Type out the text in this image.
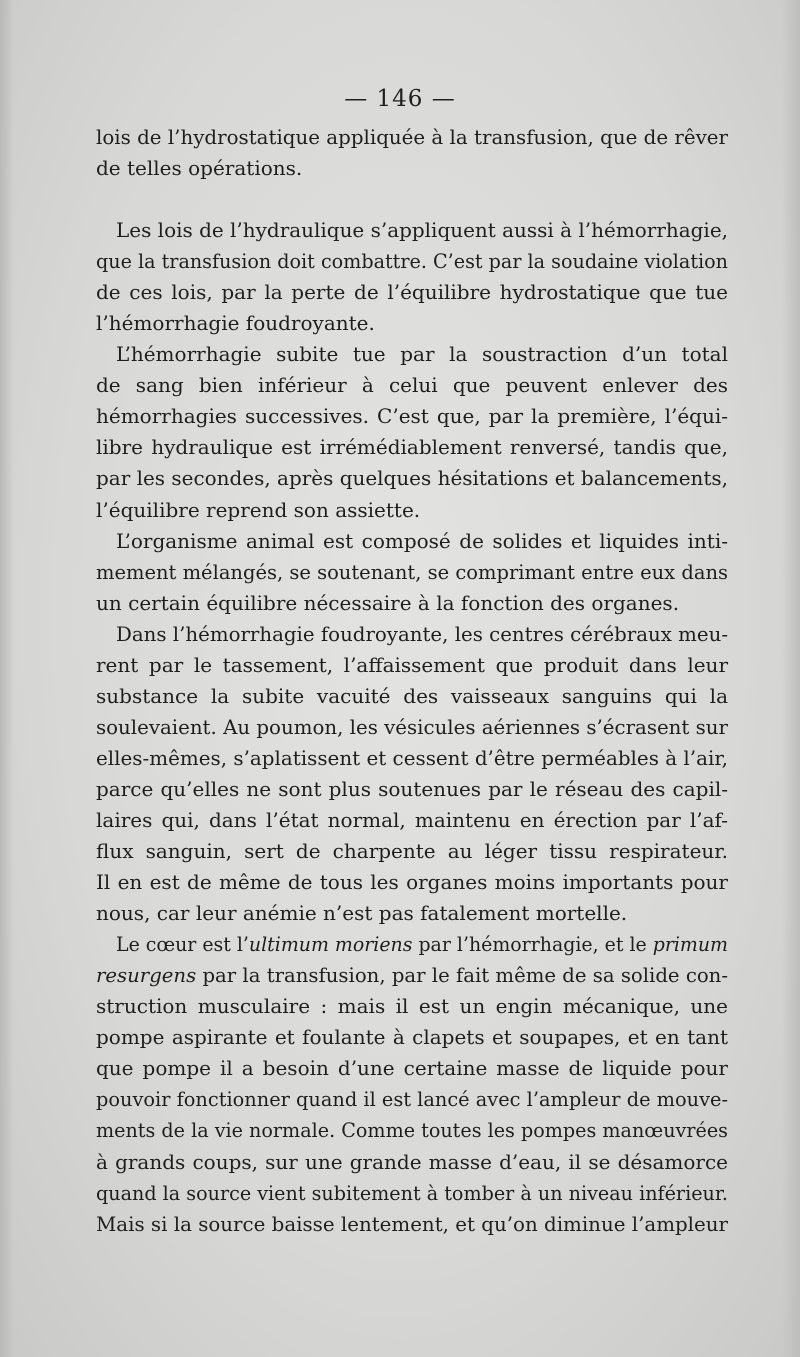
— 146 —
lois de l’hydrostatique appliquée à la transfusion, que de rêver
de telles opérations.
Les lois de l’hydraulique s’appliquent aussi à l’hémorrhagie,
que la transfusion doit combattre. C’est par la soudaine violation
de ces lois, par la perte de l’équilibre hydrostatique que tue
l’hémorrhagie foudroyante.
L’hémorrhagie subite tue par la soustraction d’un total
de sang bien inférieur à celui que peuvent enlever des
hémorrhagies successives. C’est que, par la première, l’équi-
libre hydraulique est irrémédiablement renversé, tandis que,
par les secondes, après quelques hésitations et balancements,
l’équilibre reprend son assiette.
L’organisme animal est composé de solides et liquides inti-
mement mélangés, se soutenant, se comprimant entre eux dans
un certain équilibre nécessaire à la fonction des organes.
Dans l’hémorrhagie foudroyante, les centres cérébraux meu-
rent par le tassement, l’affaissement que produit dans leur
substance la subite vacuité des vaisseaux sanguins qui la
soulevaient. Au poumon, les vésicules aériennes s’écrasent sur
elles-mêmes, s’aplatissent et cessent d’être perméables à l’air,
parce qu’elles ne sont plus soutenues par le réseau des capil-
laires qui, dans l’état normal, maintenu en érection par l’af-
flux sanguin, sert de charpente au léger tissu respirateur.
Il en est de même de tous les organes moins importants pour
nous, car leur anémie n’est pas fatalement mortelle.
Le cœur est l’ultimum moriens par l’hémorrhagie, et le primum
resurgens par la transfusion, par le fait même de sa solide con-
struction musculaire : mais il est un engin mécanique, une
pompe aspirante et foulante à clapets et soupapes, et en tant
que pompe il a besoin d’une certaine masse de liquide pour
pouvoir fonctionner quand il est lancé avec l’ampleur de mouve-
ments de la vie normale. Comme toutes les pompes manœuvrées
à grands coups, sur une grande masse d’eau, il se désamorce
quand la source vient subitement à tomber à un niveau inférieur.
Mais si la source baisse lentement, et qu’on diminue l’ampleur
